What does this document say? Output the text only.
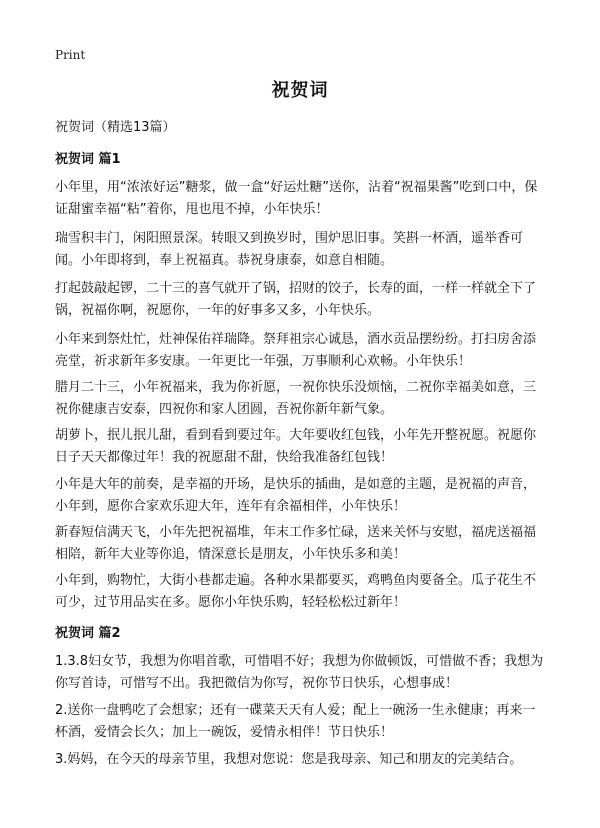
Print
祝贺词
祝贺词（精选13篇）
祝贺词 篇1

小年里，用“浓浓好运”糖浆，做一盒“好运灶糖”送你，沾着“祝福果酱”吃到口中，保证甜蜜幸福“粘”着你，甩也甩不掉，小年快乐！

瑞雪积丰门，闲阳照景深。转眼又到换岁时，围炉思旧事。笑斟一杯酒，遥举香可闻。小年即将到，奉上祝福真。恭祝身康泰，如意自相随。

打起鼓敲起锣，二十三的喜气就开了锅，招财的饺子，长寿的面，一样一样就全下了锅，祝福你啊，祝愿你，一年的好事多又多，小年快乐。

小年来到祭灶忙，灶神保佑祥瑞降。祭拜祖宗心诚恳，酒水贡品摆纷纷。打扫房舍添亮堂，祈求新年多安康。一年更比一年强，万事顺利心欢畅。小年快乐！

腊月二十三，小年祝福来，我为你祈愿，一祝你快乐没烦恼，二祝你幸福美如意，三祝你健康吉安泰，四祝你和家人团圆，吾祝你新年新气象。

胡萝卜，抿儿抿儿甜，看到看到要过年。大年要收红包钱，小年先开整祝愿。祝愿你日子天天都像过年！我的祝愿甜不甜，快给我准备红包钱！

小年是大年的前奏，是幸福的开场，是快乐的插曲，是如意的主题，是祝福的声音，小年到，愿你合家欢乐迎大年，连年有余福相伴，小年快乐！

新春短信满天飞，小年先把祝福堆，年末工作多忙碌，送来关怀与安慰，福虎送福福相陪，新年大业等你追，情深意长是朋友，小年快乐多和美！

小年到，购物忙，大街小巷都走遍。各种水果都要买，鸡鸭鱼肉要备全。瓜子花生不可少，过节用品实在多。愿你小年快乐购，轻轻松松过新年！

祝贺词 篇2

1.3.8妇女节，我想为你唱首歌，可惜唱不好；我想为你做顿饭，可惜做不香；我想为你写首诗，可惜写不出。我把微信为你写，祝你节日快乐，心想事成！

2.送你一盘鸭吃了会想家；还有一碟菜天天有人爱；配上一碗汤一生永健康；再来一杯酒，爱情会长久；加上一碗饭，爱情永相伴！节日快乐！

3.妈妈，在今天的母亲节里，我想对您说：您是我母亲、知己和朋友的完美结合。
